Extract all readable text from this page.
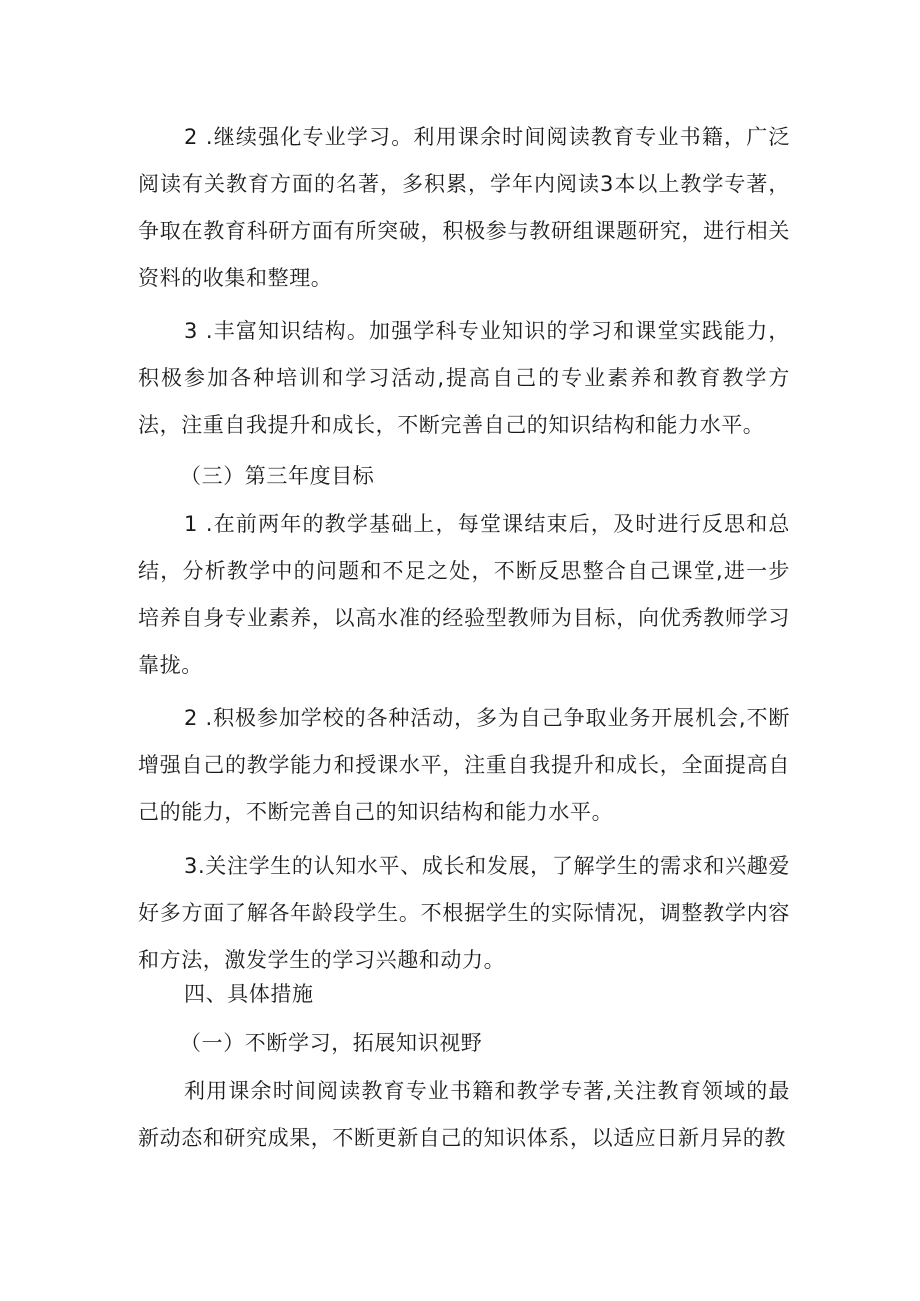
2 .继续强化专业学习。利用课余时间阅读教育专业书籍，广泛阅读有关教育方面的名著，多积累，学年内阅读3本以上教学专著，争取在教育科研方面有所突破，积极参与教研组课题研究，进行相关资料的收集和整理。

3 .丰富知识结构。加强学科专业知识的学习和课堂实践能力，积极参加各种培训和学习活动,提高自己的专业素养和教育教学方法，注重自我提升和成长，不断完善自己的知识结构和能力水平。

（三）第三年度目标

1 .在前两年的教学基础上，每堂课结束后，及时进行反思和总结，分析教学中的问题和不足之处，不断反思整合自己课堂,进一步培养自身专业素养，以高水准的经验型教师为目标，向优秀教师学习靠拢。

2 .积极参加学校的各种活动，多为自己争取业务开展机会,不断增强自己的教学能力和授课水平，注重自我提升和成长，全面提高自己的能力，不断完善自己的知识结构和能力水平。

3.关注学生的认知水平、成长和发展，了解学生的需求和兴趣爱好多方面了解各年龄段学生。不根据学生的实际情况，调整教学内容和方法，激发学生的学习兴趣和动力。

四、具体措施

（一）不断学习，拓展知识视野

利用课余时间阅读教育专业书籍和教学专著,关注教育领域的最新动态和研究成果，不断更新自己的知识体系，以适应日新月异的教
